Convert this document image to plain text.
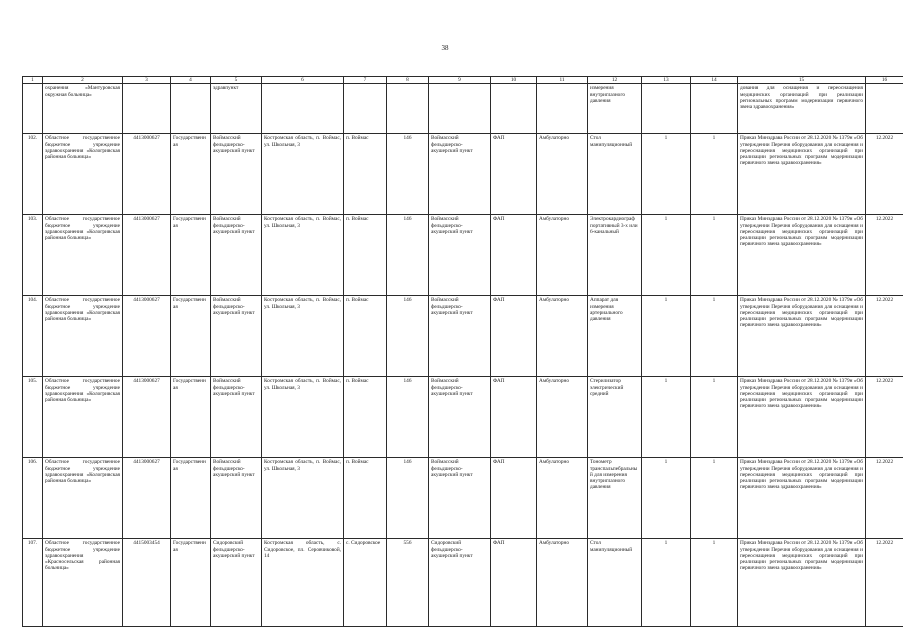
38
1	2	3	4	5	6	7	8	9	10	11	12	13	14	15	16
	охранения «Мантуровская окружная больница»			здравпункт							измерения внутриглазного давления			дования для оснащения и переоснащения медицинских организаций при реализации региональных программ модернизации первичного звена здравоохранения»	
102.	Областное государственное бюджетное учреждение здравоохранения «Кологривская районная больница»	4413000627	Государственная	Воймасский фельдшерско-акушерский пункт	Костромская область, п. Воймас, ул. Школьная, 3	п. Воймас	146	Воймасский фельдшерско-акушерский пункт	ФАП	Амбулаторно	Стол манипуляционный	1	1	Приказ Минздрава России от 28.12.2020 № 1379н «Об утверждении Перечня оборудования для оснащения и переоснащения медицинских организаций при реализации региональных программ модернизации первичного звена здравоохранения»	12.2022
103.	Областное государственное бюджетное учреждение здравоохранения «Кологривская районная больница»	4413000627	Государственная	Воймасский фельдшерско-акушерский пункт	Костромская область, п. Воймас, ул. Школьная, 3	п. Воймас	146	Воймасский фельдшерско-акушерский пункт	ФАП	Амбулаторно	Электрокардиограф портативный 3-х или 6-канальный	1	1	Приказ Минздрава России от 28.12.2020 № 1379н «Об утверждении Перечня оборудования для оснащения и переоснащения медицинских организаций при реализации региональных программ модернизации первичного звена здравоохранения»	12.2022
104.	Областное государственное бюджетное учреждение здравоохранения «Кологривская районная больница»	4413000627	Государственная	Воймасский фельдшерско-акушерский пункт	Костромская область, п. Воймас, ул. Школьная, 3	п. Воймас	146	Воймасский фельдшерско-акушерский пункт	ФАП	Амбулаторно	Аппарат для измерения артериального давления	1	1	Приказ Минздрава России от 28.12.2020 № 1379н «Об утверждении Перечня оборудования для оснащения и переоснащения медицинских организаций при реализации региональных программ модернизации первичного звена здравоохранения»	12.2022
105.	Областное государственное бюджетное учреждение здравоохранения «Кологривская районная больница»	4413000627	Государственная	Воймасский фельдшерско-акушерский пункт	Костромская область, п. Воймас, ул. Школьная, 3	п. Воймас	146	Воймасский фельдшерско-акушерский пункт	ФАП	Амбулаторно	Стерилизатор электрический средний	1	1	Приказ Минздрава России от 28.12.2020 № 1379н «Об утверждении Перечня оборудования для оснащения и переоснащения медицинских организаций при реализации региональных программ модернизации первичного звена здравоохранения»	12.2022
106.	Областное государственное бюджетное учреждение здравоохранения «Кологривская районная больница»	4413000627	Государственная	Воймасский фельдшерско-акушерский пункт	Костромская область, п. Воймас, ул. Школьная, 3	п. Воймас	146	Воймасский фельдшерско-акушерский пункт	ФАП	Амбулаторно	Тонометр транспальпебральный для измерения внутриглазного давления	1	1	Приказ Минздрава России от 28.12.2020 № 1379н «Об утверждении Перечня оборудования для оснащения и переоснащения медицинских организаций при реализации региональных программ модернизации первичного звена здравоохранения»	12.2022
107.	Областное государственное бюджетное учреждение здравоохранения «Красносельская районная больница»	4415003454	Государственная	Сидоровский фельдшерско-акушерский пункт	Костромская область, с. Сидоровское, пл. Серовчиковой, 14	с. Сидоровское	556	Сидоровский фельдшерско-акушерский пункт	ФАП	Амбулаторно	Стол манипуляционный	1	1	Приказ Минздрава России от 28.12.2020 № 1379н «Об утверждении Перечня оборудования для оснащения и переоснащения медицинских организаций при реализации региональных программ модернизации первичного звена здравоохранения»	12.2022
